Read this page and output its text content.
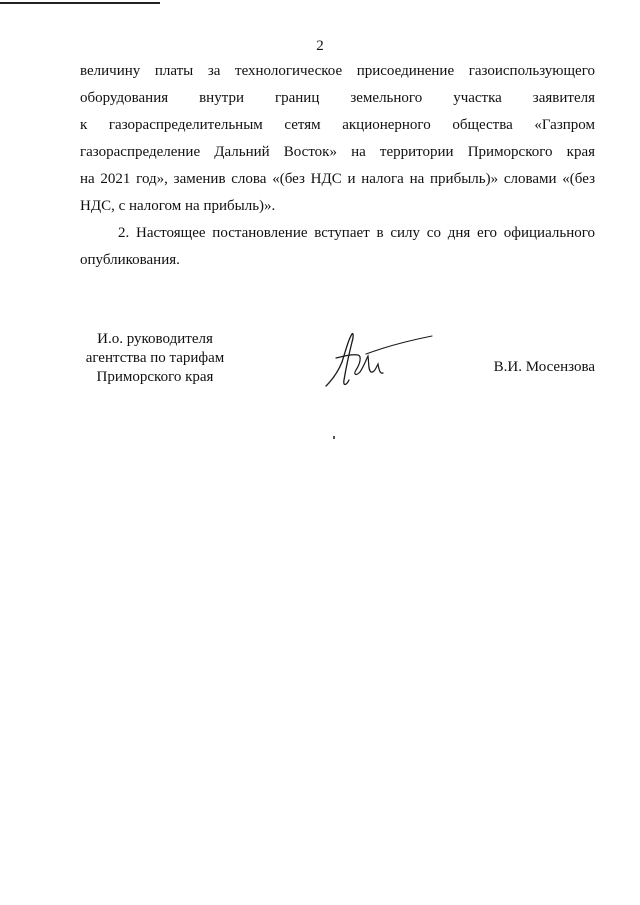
2
величину платы за технологическое присоединение газоиспользующего
оборудования внутри границ земельного участка заявителя
к газораспределительным сетям акционерного общества «Газпром
газораспределение Дальний Восток» на территории Приморского края
на 2021 год», заменив слова «(без НДС и налога на прибыль)» словами «(без
НДС, с налогом на прибыль)».
2. Настоящее постановление вступает в силу со дня его официального
опубликования.
И.о. руководителя
агентства по тарифам
Приморского края
В.И. Мосензова
